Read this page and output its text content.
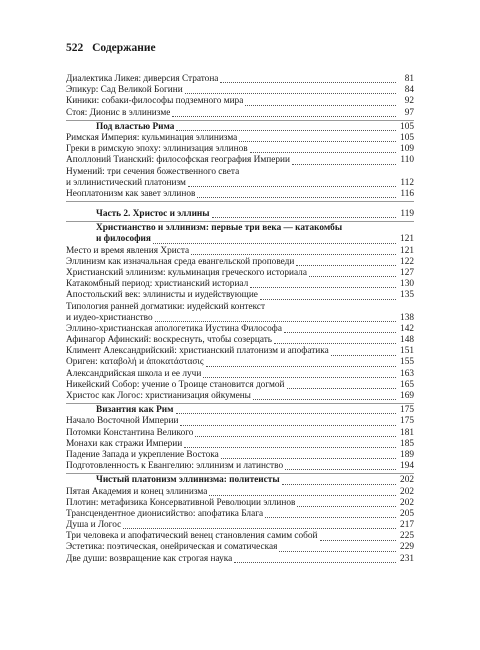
522 Содержание
Диалектика Ликея: диверсия Стратона	81
Эпикур: Сад Великой Богини	84
Киники: собаки-философы подземного мира	92
Стоя: Дионис в эллинизме	97
Под властью Рима	105
Римская Империя: кульминация эллинизма	105
Греки в римскую эпоху: эллинизация эллинов	109
Аполлоний Тианский: философская география Империи	110
Нумений: три сечения божественного света
и эллинистический платонизм	112
Неоплатонизм как завет эллинов	116
Часть 2. Христос и эллины	119
Христианство и эллинизм: первые три века — катакомбы
и философия	121
Место и время явления Христа	121
Эллинизм как изначальная среда евангельской проповеди	122
Христианский эллинизм: кульминация греческого историала	127
Катакомбный период: христианский историал	130
Апостольский век: эллинисты и иудействующие	135
Типология ранней догматики: иудейский контекст
и иудео-христианство	138
Эллино-христианская апологетика Иустина Философа	142
Афинагор Афинский: воскреснуть, чтобы созерцать	148
Климент Александрийский: христианский платонизм и апофатика	151
Ориген: καταβολή и ἀποκατάστασις	155
Александрийская школа и ее лучи	163
Никейский Собор: учение о Троице становится догмой	165
Христос как Логос: христианизация ойкумены	169
Византия как Рим	175
Начало Восточной Империи	175
Потомки Константина Великого	181
Монахи как стражи Империи	185
Падение Запада и укрепление Востока	189
Подготовленность к Евангелию: эллинизм и латинство	194
Чистый платонизм эллинизма: политеисты	202
Пятая Академия и конец эллинизма	202
Плотин: метафизика Консервативной Революции эллинов	202
Трансцендентное дионисийство: апофатика Блага	205
Душа и Логос	217
Три человека и апофатический венец становления самим собой	225
Эстетика: поэтическая, онейрическая и соматическая	229
Две души: возвращение как строгая наука	231
